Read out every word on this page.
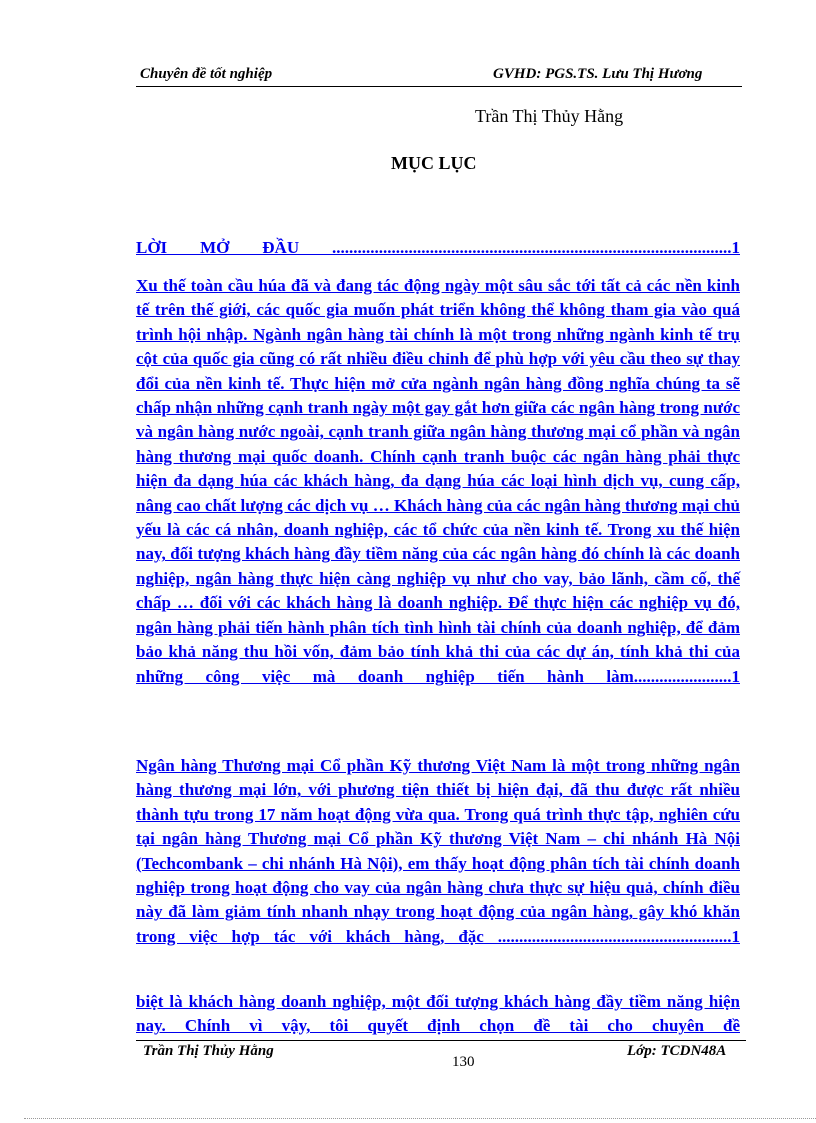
Chuyên đề tốt nghiệp	GVHD: PGS.TS. Lưu Thị Hương
Trần Thị Thủy Hằng
MỤC LỤC
LỜI MỞ ĐẦU ..............................................................................................1
Xu thế toàn cầu húa đã và đang tác động ngày một sâu sắc tới tất cả các nền kinh tế trên thế giới, các quốc gia muốn phát triển không thể không tham gia vào quá trình hội nhập. Ngành ngân hàng tài chính là một trong những ngành kinh tế trụ cột của quốc gia cũng có rất nhiều điều chỉnh để phù hợp với yêu cầu theo sự thay đổi của nền kinh tế. Thực hiện mở cửa ngành ngân hàng đồng nghĩa chúng ta sẽ chấp nhận những cạnh tranh ngày một gay gắt hơn giữa các ngân hàng trong nước và ngân hàng nước ngoài, cạnh tranh giữa ngân hàng thương mại cổ phần và ngân hàng thương mại quốc doanh. Chính cạnh tranh buộc các ngân hàng phải thực hiện đa dạng húa các khách hàng, đa dạng húa các loại hình dịch vụ, cung cấp, nâng cao chất lượng các dịch vụ … Khách hàng của các ngân hàng thương mại chủ yếu là các cá nhân, doanh nghiệp, các tổ chức của nền kinh tế. Trong xu thế hiện nay, đối tượng khách hàng đầy tiềm năng của các ngân hàng đó chính là các doanh nghiệp, ngân hàng thực hiện càng nghiệp vụ như cho vay, bảo lãnh, cầm cố, thế chấp … đối với các khách hàng là doanh nghiệp. Để thực hiện các nghiệp vụ đó, ngân hàng phải tiến hành phân tích tình hình tài chính của doanh nghiệp, để đảm bảo khả năng thu hồi vốn, đảm bảo tính khả thi của các dự án, tính khả thi của những công việc mà doanh nghiệp tiến hành làm.......................1
Ngân hàng Thương mại Cổ phần Kỹ thương Việt Nam là một trong những ngân hàng thương mại lớn, với phương tiện thiết bị hiện đại, đã thu được rất nhiều thành tựu trong 17 năm hoạt động vừa qua. Trong quá trình thực tập, nghiên cứu tại ngân hàng Thương mại Cổ phần Kỹ thương Việt Nam – chi nhánh Hà Nội (Techcombank – chi nhánh Hà Nội), em thấy hoạt động phân tích tài chính doanh nghiệp trong hoạt động cho vay của ngân hàng chưa thực sự hiệu quả, chính điều này đã làm giảm tính nhanh nhạy trong hoạt động của ngân hàng, gây khó khăn trong việc hợp tác với khách hàng, đặc .......................................................1
biệt là khách hàng doanh nghiệp, một đối tượng khách hàng đầy tiềm năng hiện nay. Chính vì vậy, tôi quyết định chọn đề tài cho chuyên đề
Trần Thị Thủy Hằng	Lớp: TCDN48A
130
